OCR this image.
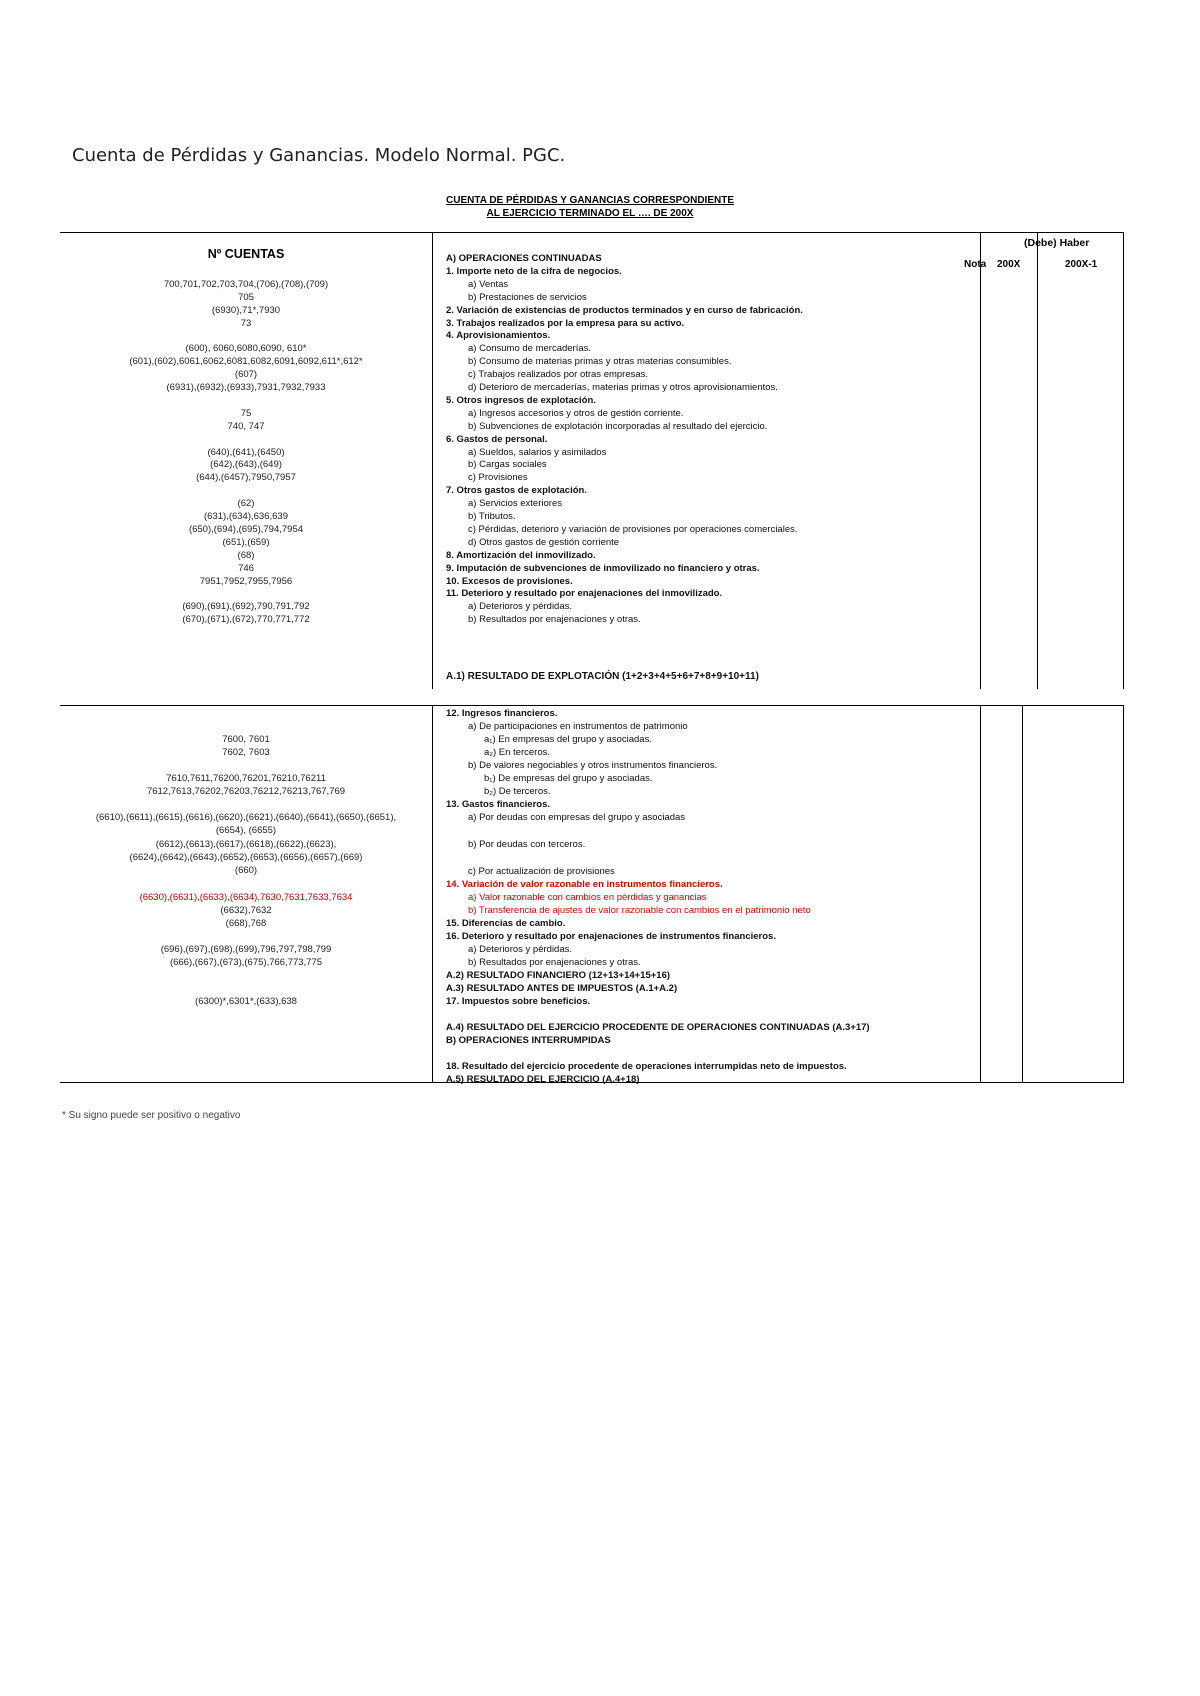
Cuenta de Pérdidas y Ganancias. Modelo Normal. PGC.
CUENTA DE PÉRDIDAS Y GANANCIAS CORRESPONDIENTE
AL EJERCICIO TERMINADO EL …. DE 200X
Nº CUENTAS
(Debe) Haber
Nota 200X	200X-1
700,701,702,703,704,(706),(708),(709)
705
(6930),71*,7930
73
(600), 6060,6080,6090, 610*
(601),(602),6061,6062,6081,6082,6091,6092,611*,612*
(607)
(6931),(6932),(6933),7931,7932,7933
75
740, 747
(640),(641),(6450)
(642),(643),(649)
(644),(6457),7950,7957
(62)
(631),(634),636,639
(650),(694),(695),794,7954
(651),(659)
(68)
746
7951,7952,7955,7956
(690),(691),(692),790,791,792
(670),(671),(672),770,771,772
A) OPERACIONES CONTINUADAS
1. Importe neto de la cifra de negocios.
a) Ventas
b) Prestaciones de servicios
2. Variación de existencias de productos terminados y en curso de fabricación.
3. Trabajos realizados por la empresa para su activo.
4. Aprovisionamientos.
a) Consumo de mercaderías.
b) Consumo de materias primas y otras materias consumibles.
c) Trabajos realizados por otras empresas.
d) Deterioro de mercaderías, materias primas y otros aprovisionamientos.
5. Otros ingresos de explotación.
a) Ingresos accesorios y otros de gestión corriente.
b) Subvenciones de explotación incorporadas al resultado del ejercicio.
6. Gastos de personal.
a) Sueldos, salarios y asimilados
b) Cargas sociales
c) Provisiones
7. Otros gastos de explotación.
a) Servicios exteriores
b) Tributos.
c) Pérdidas, deterioro y variación de provisiones por operaciones comerciales.
d) Otros gastos de gestión corriente
8. Amortización del inmovilizado.
9. Imputación de subvenciones de inmovilizado no financiero y otras.
10. Excesos de provisiones.
11. Deterioro y resultado por enajenaciones del inmovilizado.
a) Deterioros y pérdidas.
b) Resultados por enajenaciones y otras.
A.1) RESULTADO DE EXPLOTACIÓN (1+2+3+4+5+6+7+8+9+10+11)
7600, 7601
7602, 7603
7610,7611,76200,76201,76210,76211
7612,7613,76202,76203,76212,76213,767,769
(6610),(6611),(6615),(6616),(6620),(6621),(6640),(6641),(6650),(6651),
(6654), (6655)
(6612),(6613),(6617),(6618),(6622),(6623),
(6624),(6642),(6643),(6652),(6653),(6656),(6657),(669)
(660)
(6630),(6631),(6633),(6634),7630,7631,7633,7634
(6632),7632
(668),768
(696),(697),(698),(699),796,797,798,799
(666),(667),(673),(675),766,773,775
(6300)*,6301*,(633),638
12. Ingresos financieros.
a) De participaciones en instrumentos de patrimonio
a₁) En empresas del grupo y asociadas.
a₂) En terceros.
b) De valores negociables y otros instrumentos financieros.
b₁) De empresas del grupo y asociadas.
b₂) De terceros.
13. Gastos financieros.
a) Por deudas con empresas del grupo y asociadas
b) Por deudas con terceros.
c) Por actualización de provisiones
14. Variación de valor razonable en instrumentos financieros.
a) Valor razonable con cambios en pérdidas y ganancias
b) Transferencia de ajustes de valor razonable con cambios en el patrimonio neto
15. Diferencias de cambio.
16. Deterioro y resultado por enajenaciones de instrumentos financieros.
a) Deterioros y pérdidas.
b) Resultados por enajenaciones y otras.
A.2) RESULTADO FINANCIERO (12+13+14+15+16)
A.3) RESULTADO ANTES DE IMPUESTOS (A.1+A.2)
17. Impuestos sobre beneficios.
A.4) RESULTADO DEL EJERCICIO PROCEDENTE DE OPERACIONES CONTINUADAS (A.3+17)
B) OPERACIONES INTERRUMPIDAS
18. Resultado del ejercicio procedente de operaciones interrumpidas neto de impuestos.
A.5) RESULTADO DEL EJERCICIO (A.4+18)
* Su signo puede ser positivo o negativo
